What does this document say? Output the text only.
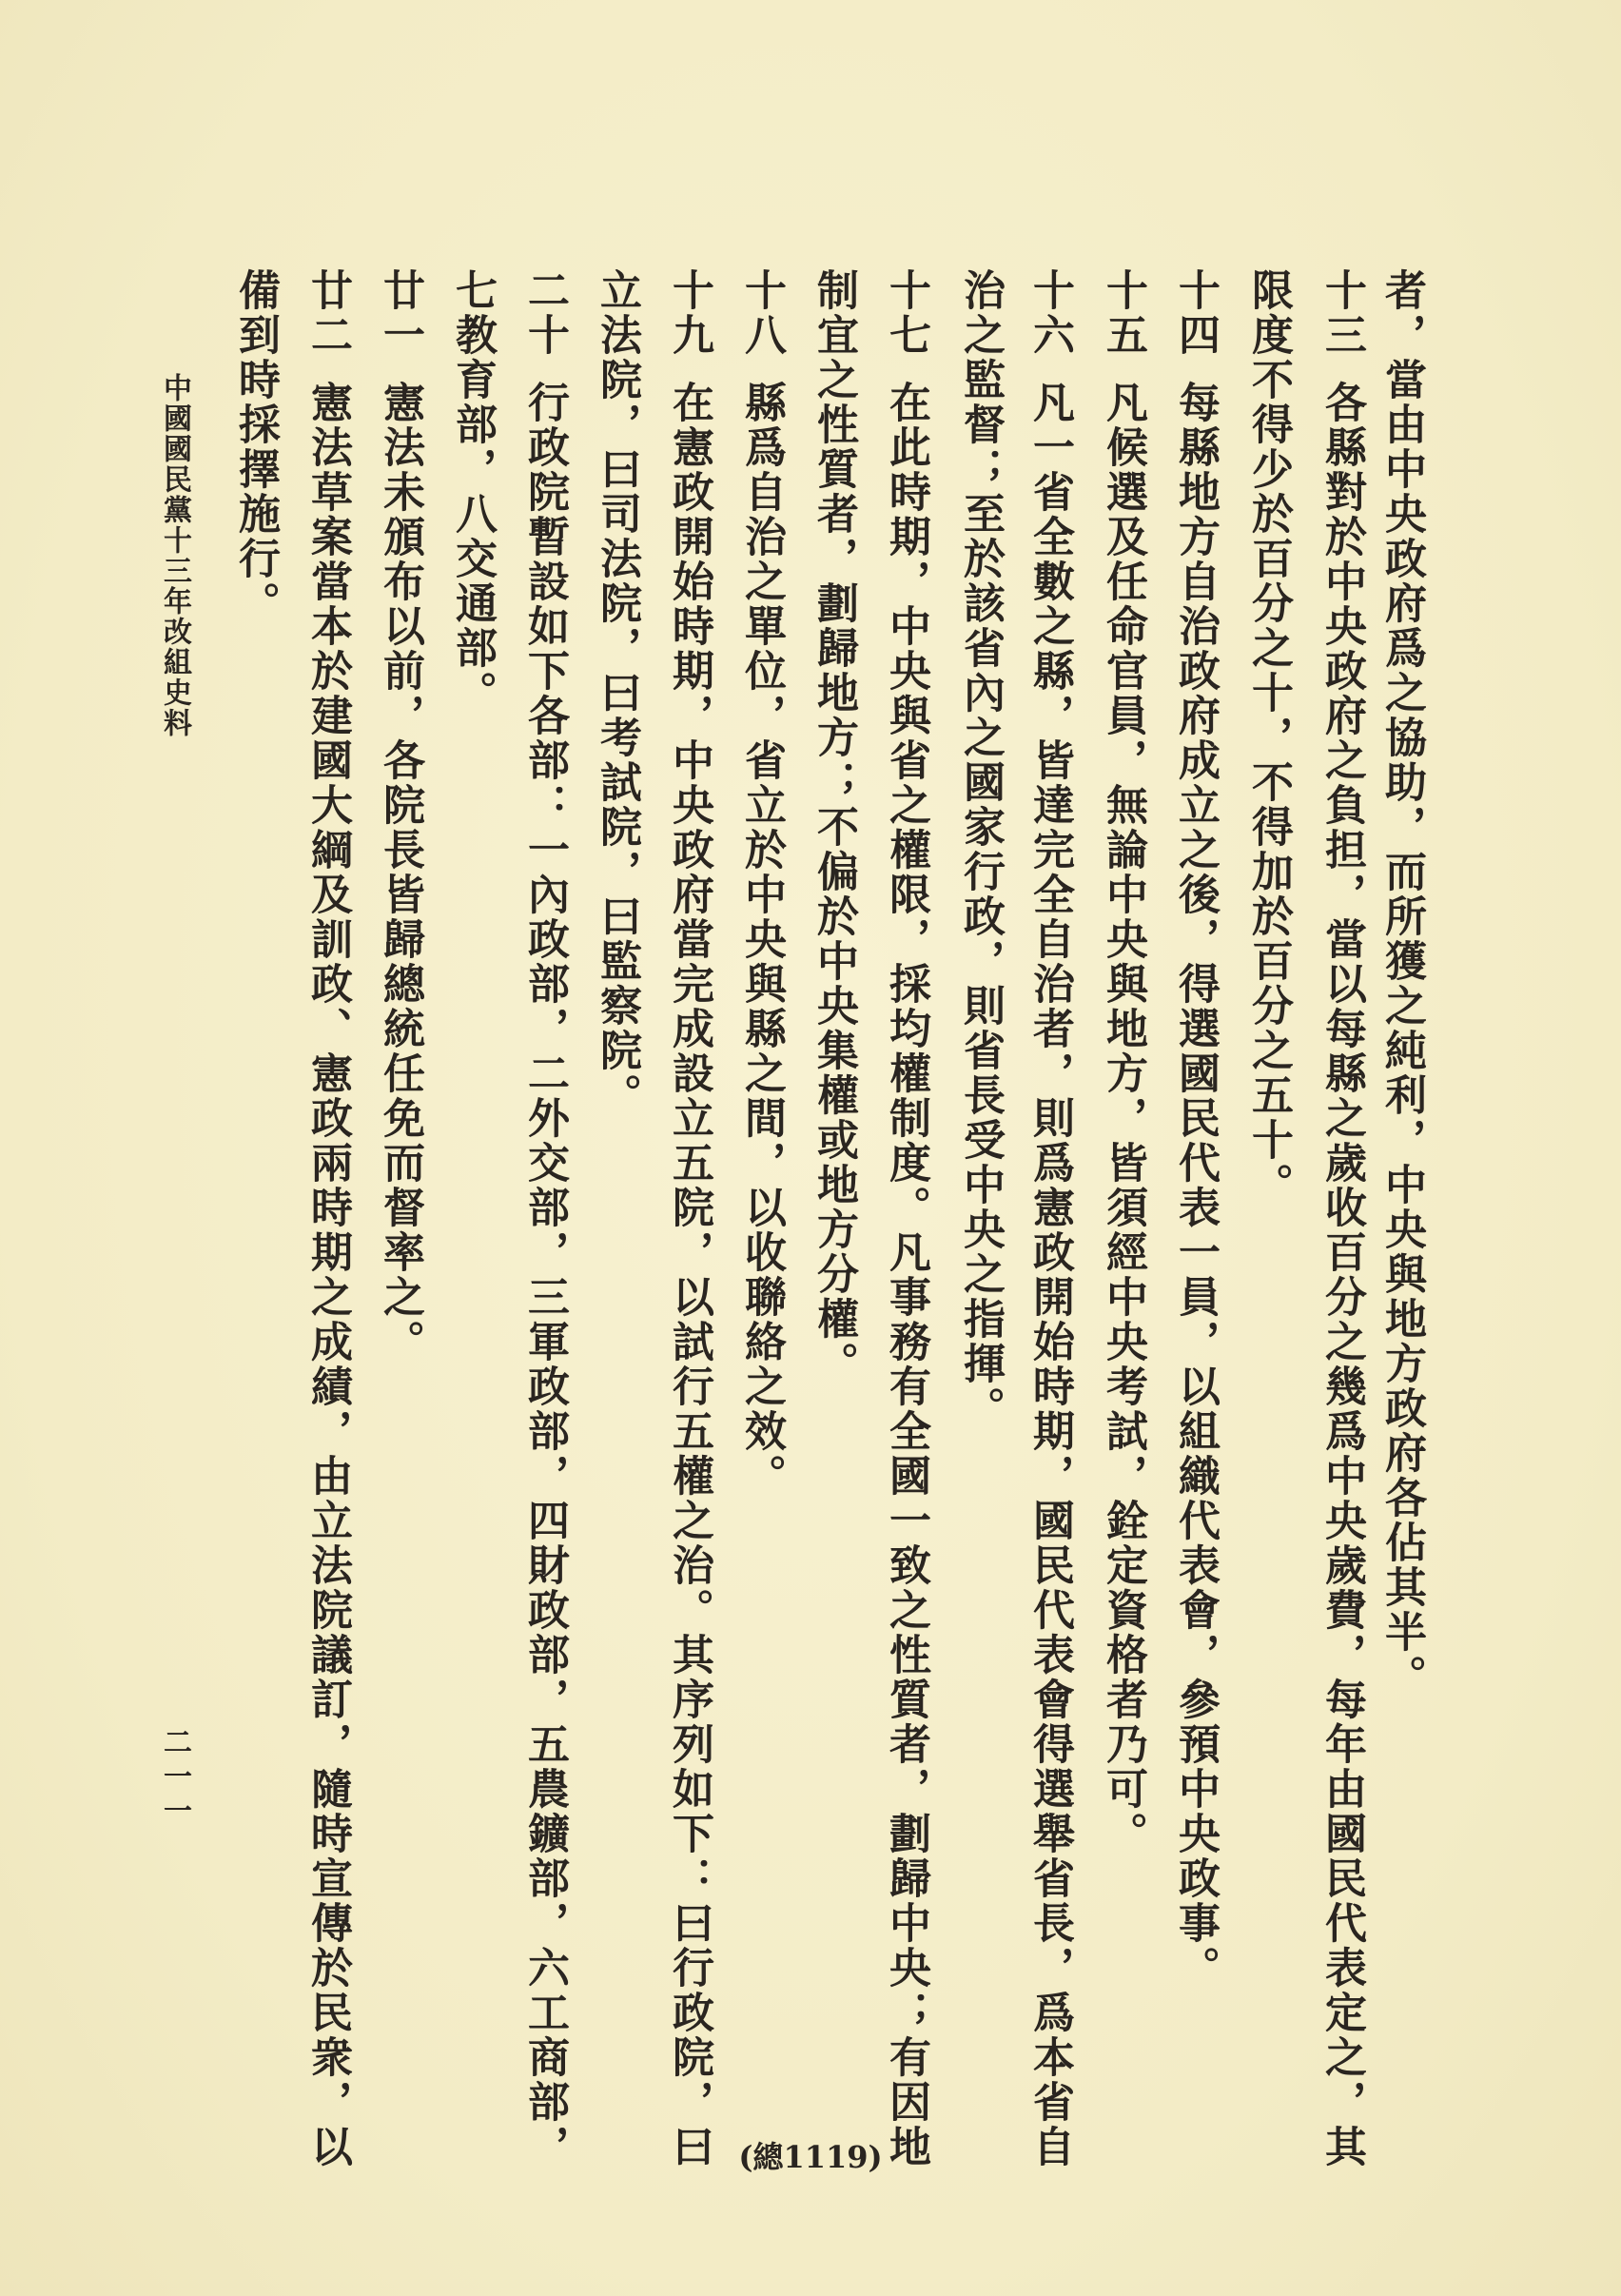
者，當由中央政府爲之協助，而所獲之純利，中央與地方政府各佔其半。
十三各縣對於中央政府之負担，當以每縣之歲收百分之幾爲中央歲費，每年由國民代表定之，其
限度不得少於百分之十，不得加於百分之五十。
十四每縣地方自治政府成立之後，得選國民代表一員，以組織代表會，參預中央政事。
十五凡候選及任命官員，無論中央與地方，皆須經中央考試，銓定資格者乃可。
十六凡一省全數之縣，皆達完全自治者，則爲憲政開始時期，國民代表會得選舉省長，爲本省自
治之監督；至於該省內之國家行政，則省長受中央之指揮。
十七在此時期，中央與省之權限，採均權制度。凡事務有全國一致之性質者，劃歸中央；有因地
制宜之性質者，劃歸地方；不偏於中央集權或地方分權。
十八縣爲自治之單位，省立於中央與縣之間，以收聯絡之效。
十九在憲政開始時期，中央政府當完成設立五院，以試行五權之治。其序列如下：曰行政院，曰
立法院，曰司法院，曰考試院，曰監察院。
二十行政院暫設如下各部：一內政部，二外交部，三軍政部，四財政部，五農鑛部，六工商部，
七教育部，八交通部。
廿一憲法未頒布以前，各院長皆歸總統任免而督率之。
廿二憲法草案當本於建國大綱及訓政、憲政兩時期之成績，由立法院議訂，隨時宣傳於民衆，以
備到時採擇施行。
中國國民黨十三年改組史料
二一一
(總1119)
